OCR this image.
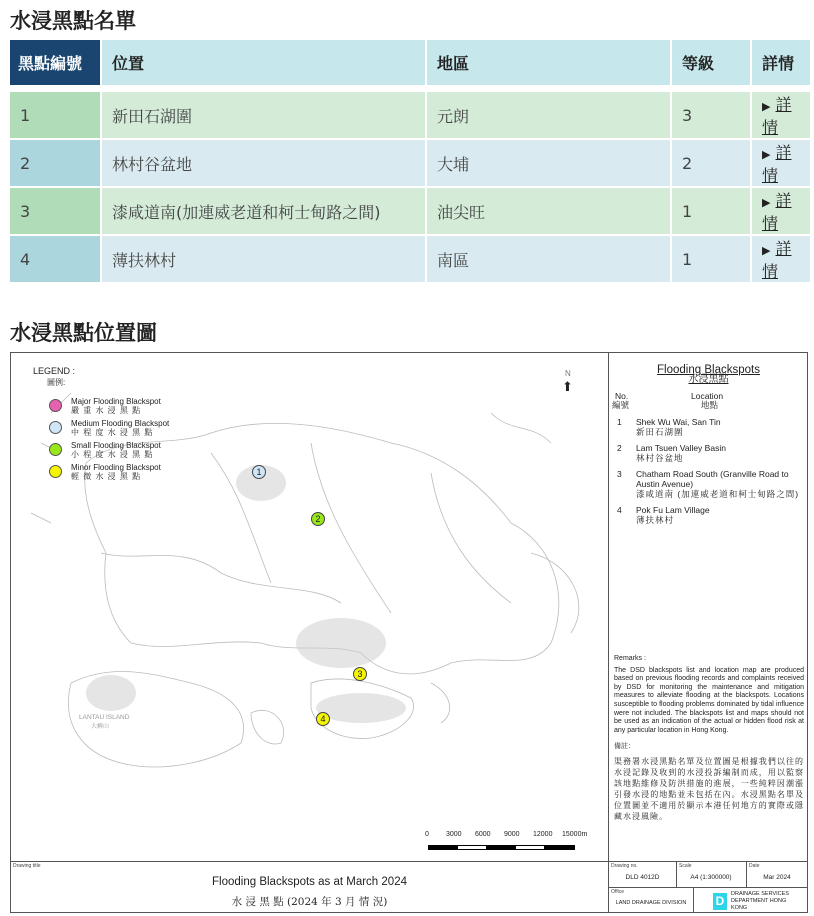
水浸黑點名單
黑點編號	位置	地區	等級	詳情
1	新田石湖圍	元朗	3	▶ 詳情
2	林村谷盆地	大埔	2	▶ 詳情
3	漆咸道南(加連威老道和柯士甸路之間)	油尖旺	1	▶ 詳情
4	薄扶林村	南區	1	▶ 詳情
水浸黑點位置圖
LEGEND :
圖例:
Major Flooding Blackspot
嚴 重 水 浸 黑 點
Medium Flooding Blackspot
中 程 度 水 浸 黑 點
Small Flooding Blackspot
小 程 度 水 浸 黑 點
Minor Flooding Blackspot
輕 微 水 浸 黑 點
N
⬆
LANTAU ISLAND
大嶼山
1
2
3
4
0 3000 6000 9000 12000 15000m
Flooding Blackspots
水浸黑點
No.
編號
Location
地點
1 Shek Wu Wai, San Tin
新田石湖圍
2 Lam Tsuen Valley Basin
林村谷盆地
3 Chatham Road South (Granville Road to Austin Avenue)
漆咸道南 (加連威老道和柯士甸路之間)
4 Pok Fu Lam Village
薄扶林村
Remarks :
The DSD blackspots list and location map are produced based on previous flooding records and complaints received by DSD for monitoring the maintenance and mitigation measures to alleviate flooding at the blackspots. Locations susceptible to flooding problems dominated by tidal influence were not included. The blackspots list and maps should not be used as an indication of the actual or hidden flood risk at any particular location in Hong Kong.
備註：
渠務署水浸黑點名單及位置圖是根據我們以往的水浸記錄及收到的水浸投訴編制而成，用以監察該地點維修及防洪措施的進展，一些純粹因潮漲引發水浸的地點並未包括在內。水浸黑點名單及位置圖並不適用於顯示本港任何地方的實際或隱藏水浸風險。
Drawing title
Flooding Blackspots as at March 2024
水 浸 黑 點 (2024 年 3 月 情 況)
Drawing no.
DLD 4012D
Scale
A4 (1:300000)
Date
Mar 2024
Office
LAND DRAINAGE DIVISION	D	DRAINAGE SERVICES DEPARTMENT HONG KONG
